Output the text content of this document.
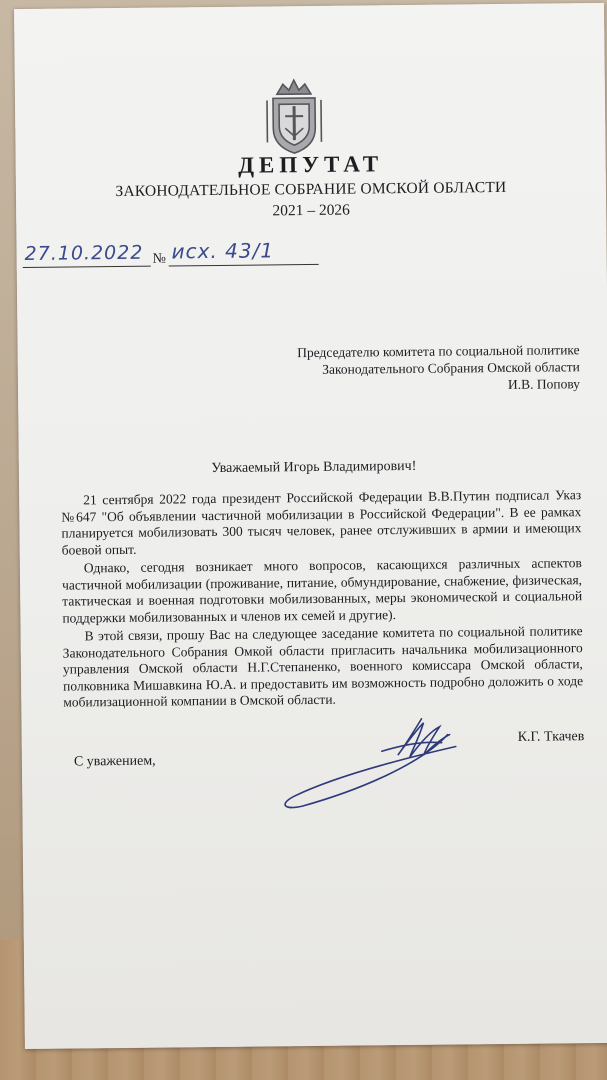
ДЕПУТАТ
ЗАКОНОДАТЕЛЬНОЕ СОБРАНИЕ ОМСКОЙ ОБЛАСТИ
2021 – 2026
27.10.2022 № исх. 43/1
Председателю комитета по социальной политике
Законодательного Собрания Омской области
И.В. Попову
Уважаемый Игорь Владимирович!

21 сентября 2022 года президент Российской Федерации В.В.Путин подписал Указ №647 "Об объявлении частичной мобилизации в Российской Федерации". В ее рамках планируется мобилизовать 300 тысяч человек, ранее отслуживших в армии и имеющих боевой опыт.

Однако, сегодня возникает много вопросов, касающихся различных аспектов частичной мобилизации (проживание, питание, обмундирование, снабжение, физическая, тактическая и военная подготовки мобилизованных, меры экономической и социальной поддержки мобилизованных и членов их семей и другие).

В этой связи, прошу Вас на следующее заседание комитета по социальной политике Законодательного Собрания Омкой области пригласить начальника мобилизационного управления Омской области Н.Г.Степаненко, военного комиссара Омской области, полковника Мишавкина Ю.А. и предоставить им возможность подробно доложить о ходе мобилизационной компании в Омской области.

С уважением,
К.Г. Ткачев
